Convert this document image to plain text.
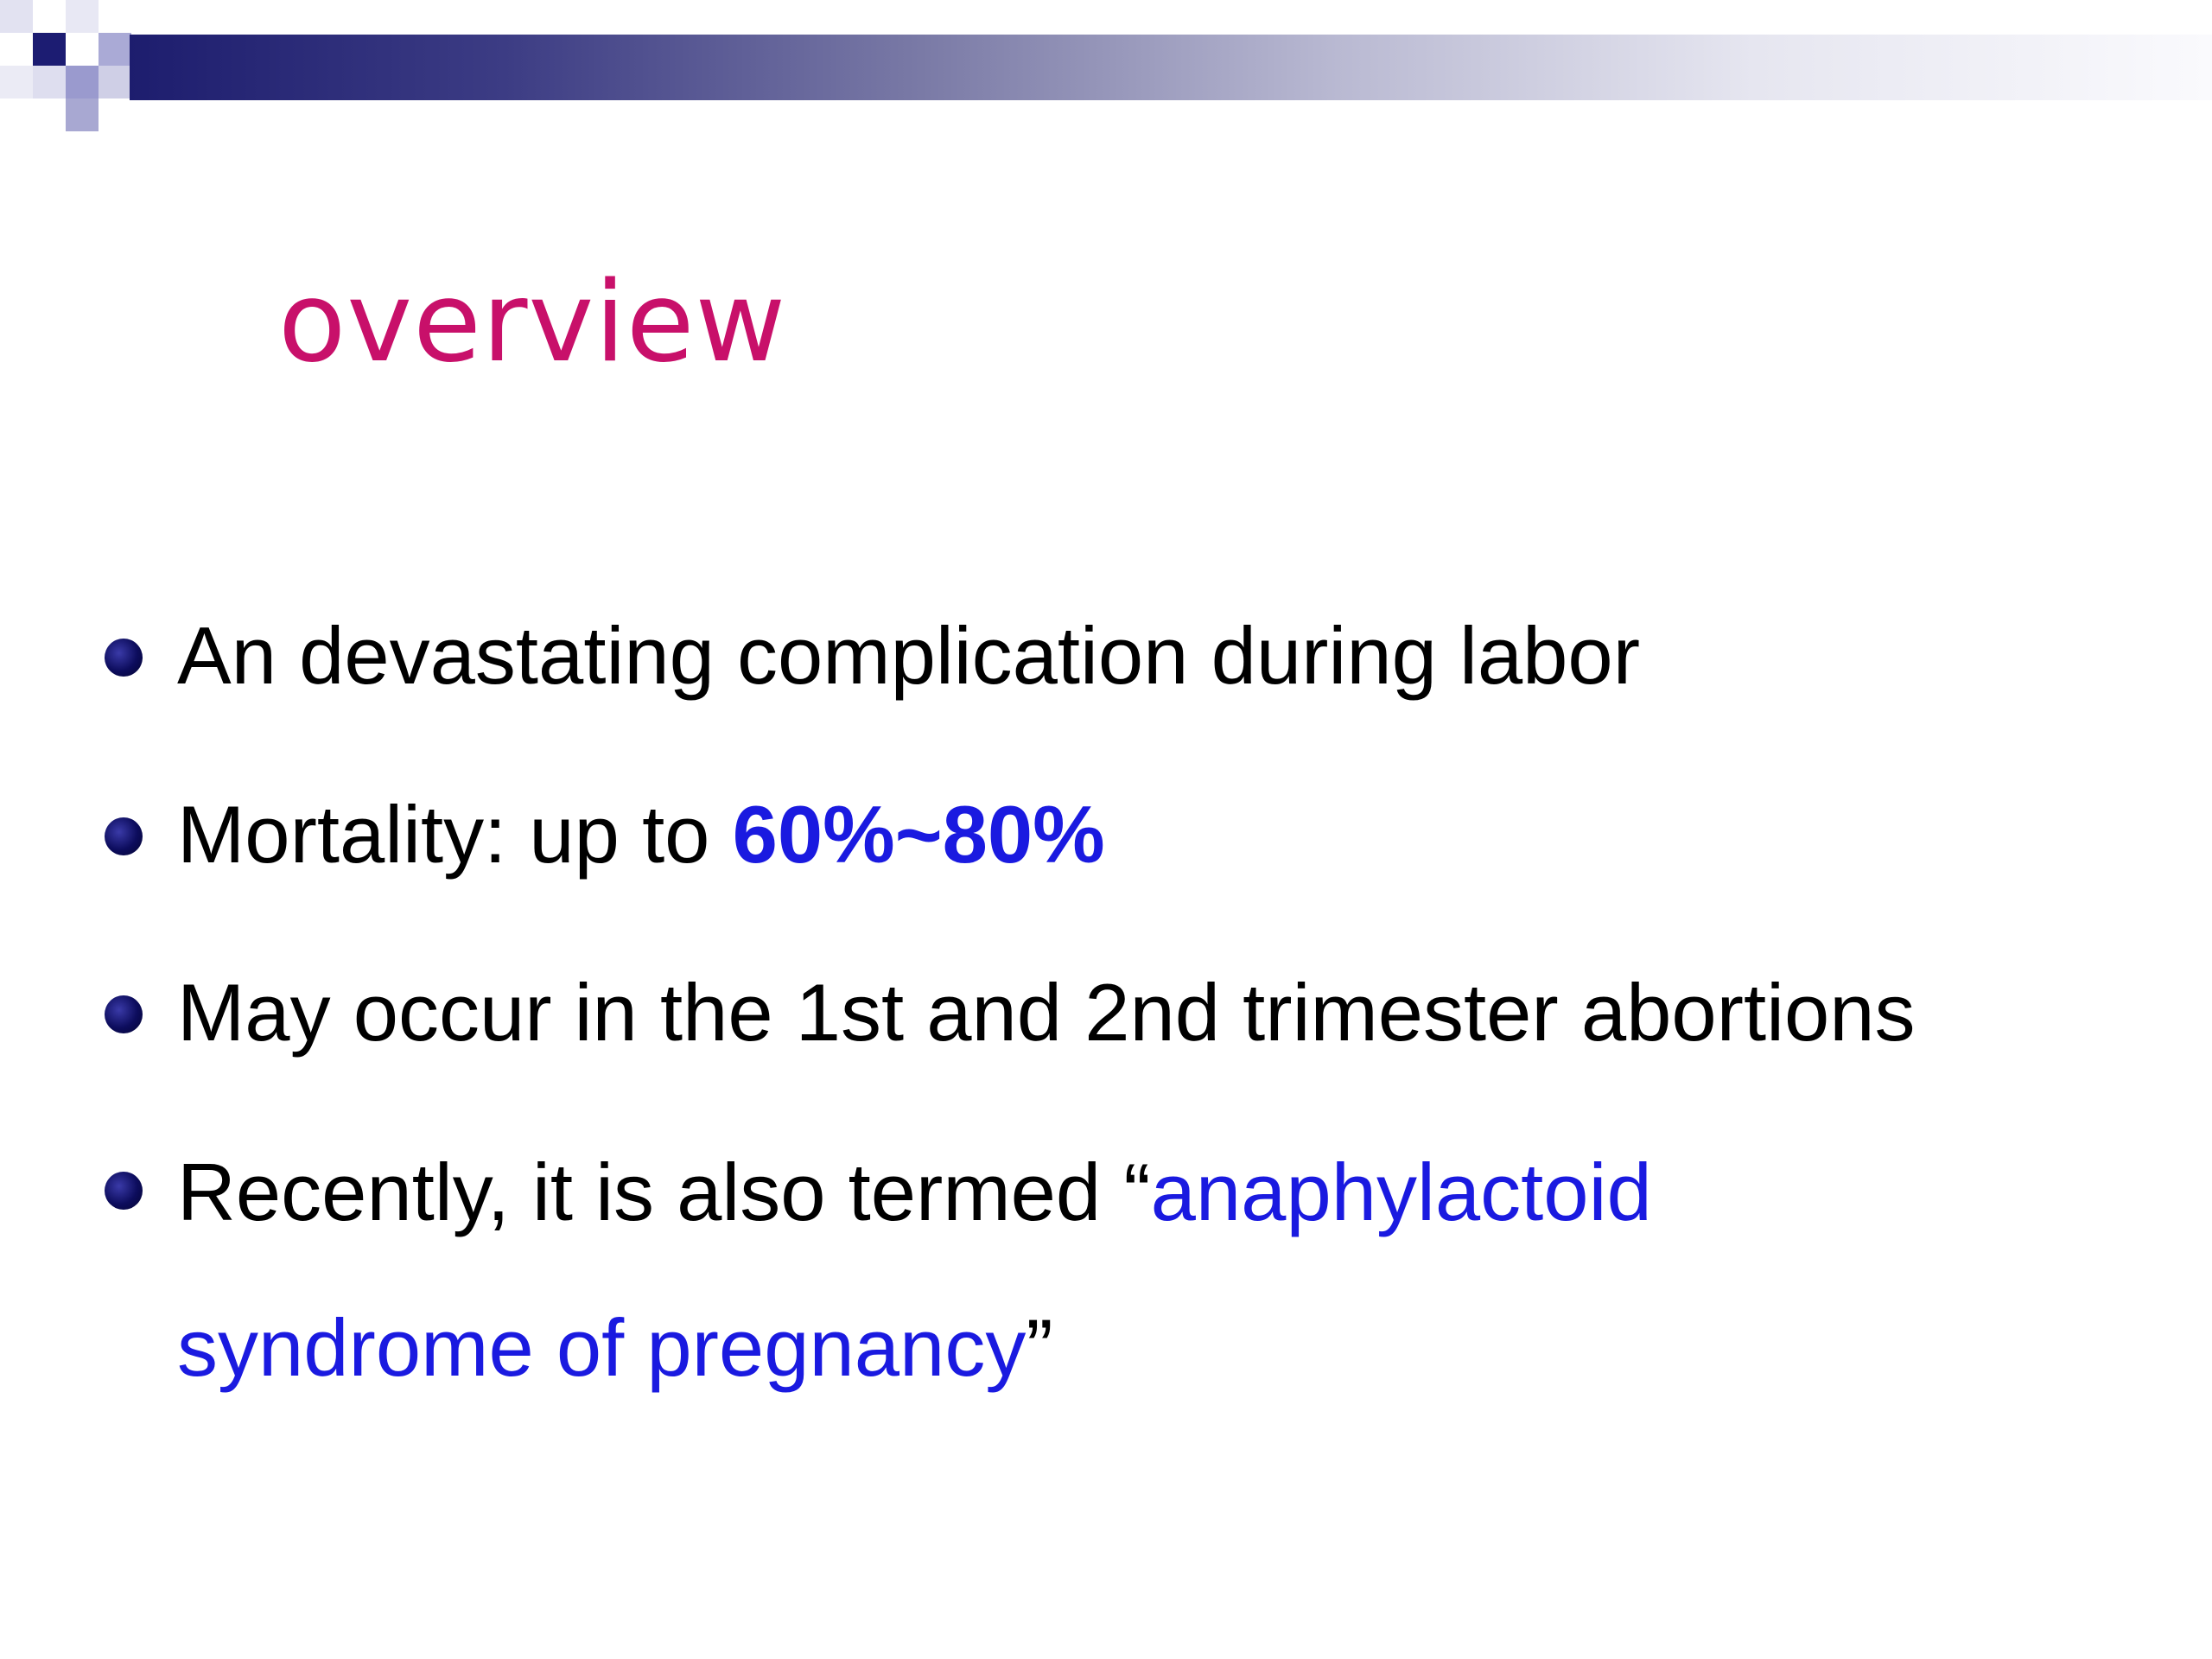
overview
An devastating complication during labor
Mortality: up to 60%~80%
May occur in the 1st and 2nd trimester abortions
Recently, it is also termed “anaphylactoid
syndrome of pregnancy”
